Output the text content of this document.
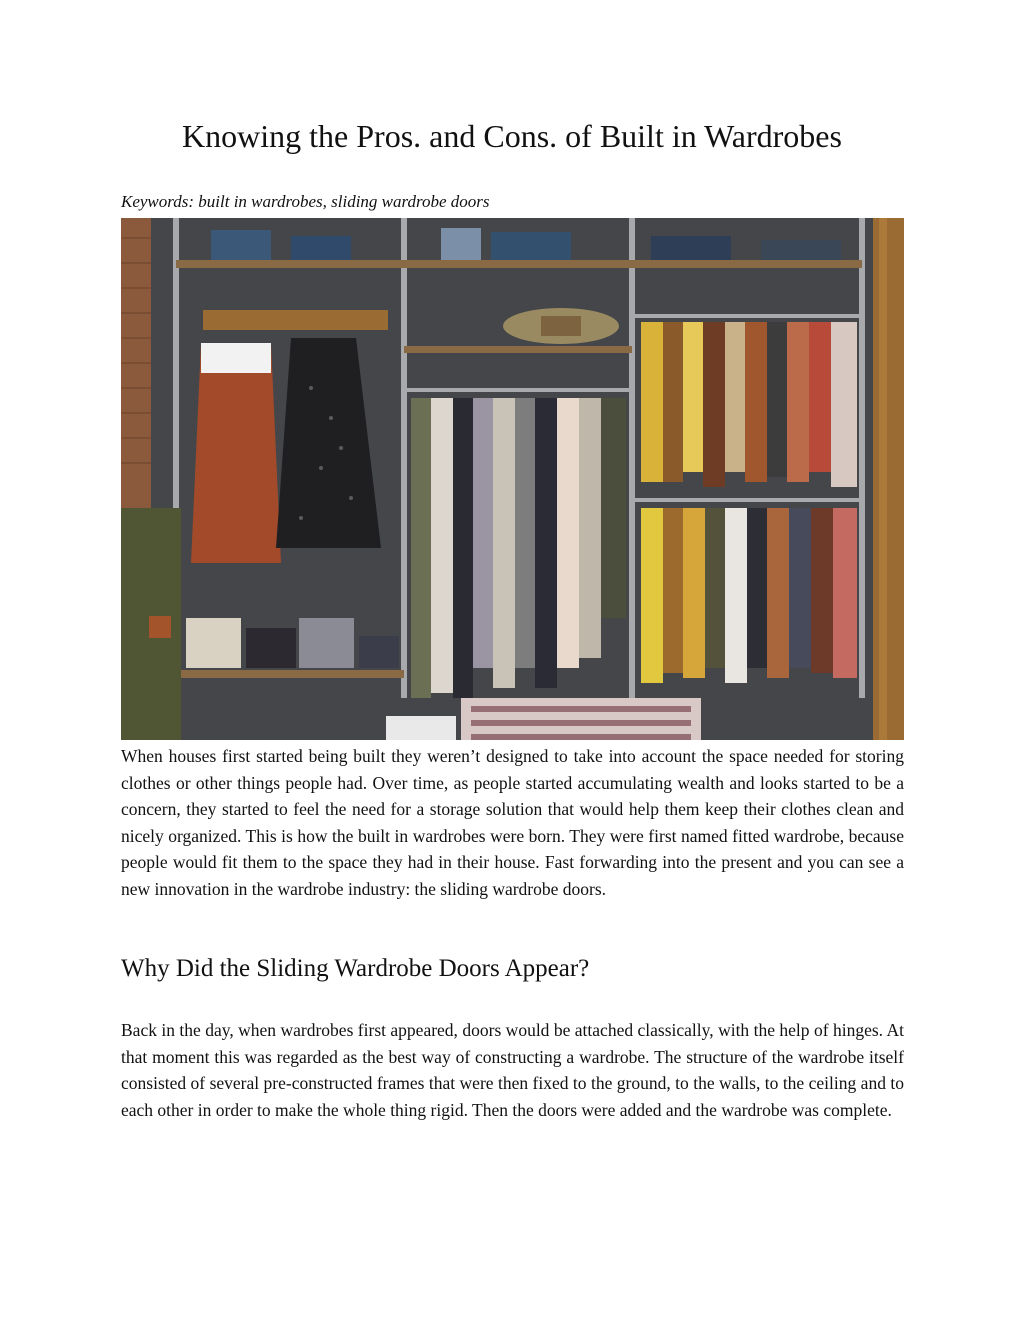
Knowing the Pros. and Cons. of Built in Wardrobes

Keywords: built in wardrobes, sliding wardrobe doors

When houses first started being built they weren’t designed to take into account the space needed for storing clothes or other things people had. Over time, as people started accumulating wealth and looks started to be a concern, they started to feel the need for a storage solution that would help them keep their clothes clean and nicely organized. This is how the built in wardrobes were born. They were first named fitted wardrobe, because people would fit them to the space they had in their house. Fast forwarding into the present and you can see a new innovation in the wardrobe industry: the sliding wardrobe doors.

Why Did the Sliding Wardrobe Doors Appear?

Back in the day, when wardrobes first appeared, doors would be attached classically, with the help of hinges. At that moment this was regarded as the best way of constructing a wardrobe. The structure of the wardrobe itself consisted of several pre-constructed frames that were then fixed to the ground, to the walls, to the ceiling and to each other in order to make the whole thing rigid. Then the doors were added and the wardrobe was complete.
